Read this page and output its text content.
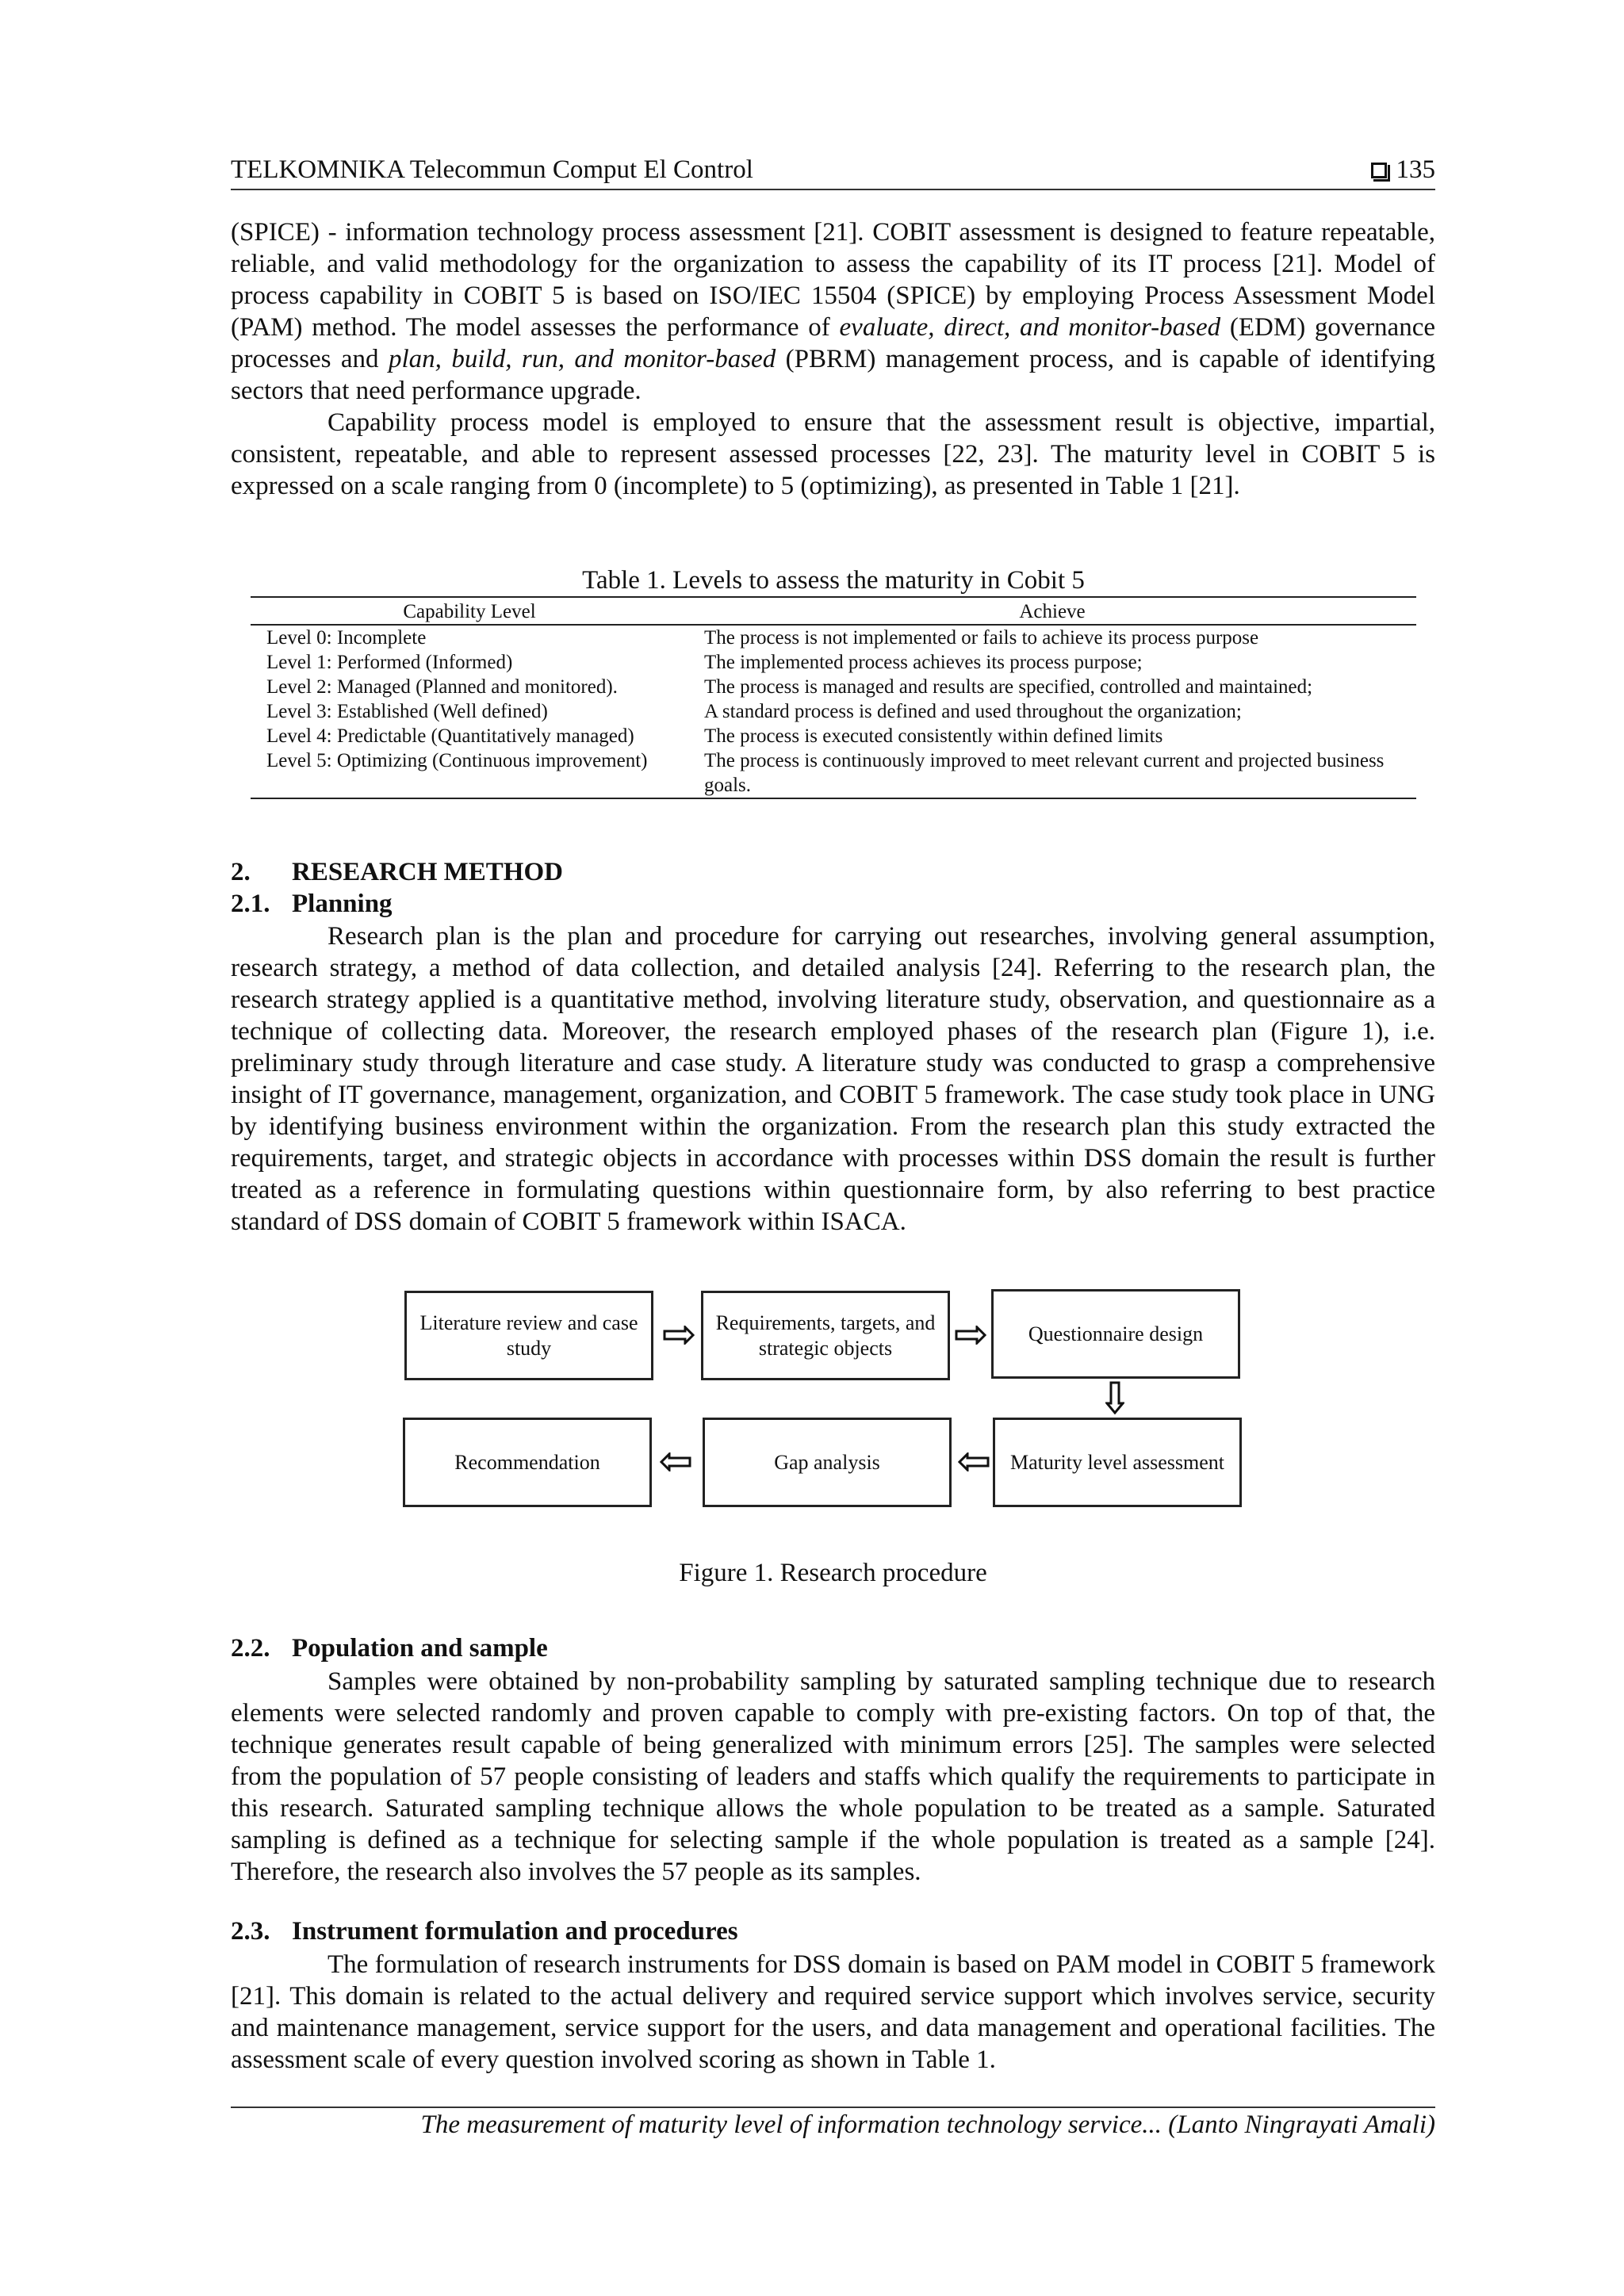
TELKOMNIKA Telecommun Comput El Control	135

(SPICE) - information technology process assessment [21]. COBIT assessment is designed to feature repeatable, reliable, and valid methodology for the organization to assess the capability of its IT process [21]. Model of process capability in COBIT 5 is based on ISO/IEC 15504 (SPICE) by employing Process Assessment Model (PAM) method. The model assesses the performance of evaluate, direct, and monitor-based (EDM) governance processes and plan, build, run, and monitor-based (PBRM) management process, and is capable of identifying sectors that need performance upgrade.

Capability process model is employed to ensure that the assessment result is objective, impartial, consistent, repeatable, and able to represent assessed processes [22, 23]. The maturity level in COBIT 5 is expressed on a scale ranging from 0 (incomplete) to 5 (optimizing), as presented in Table 1 [21].

Table 1. Levels to assess the maturity in Cobit 5
Capability Level	Achieve
Level 0: Incomplete	The process is not implemented or fails to achieve its process purpose
Level 1: Performed (Informed)	The implemented process achieves its process purpose;
Level 2: Managed (Planned and monitored).	The process is managed and results are specified, controlled and maintained;
Level 3: Established (Well defined)	A standard process is defined and used throughout the organization;
Level 4: Predictable (Quantitatively managed)	The process is executed consistently within defined limits
Level 5: Optimizing (Continuous improvement)	The process is continuously improved to meet relevant current and projected business goals.
2. RESEARCH METHOD
2.1. Planning

Research plan is the plan and procedure for carrying out researches, involving general assumption, research strategy, a method of data collection, and detailed analysis [24]. Referring to the research plan, the research strategy applied is a quantitative method, involving literature study, observation, and questionnaire as a technique of collecting data. Moreover, the research employed phases of the research plan (Figure 1), i.e. preliminary study through literature and case study. A literature study was conducted to grasp a comprehensive insight of IT governance, management, organization, and COBIT 5 framework. The case study took place in UNG by identifying business environment within the organization. From the research plan this study extracted the requirements, target, and strategic objects in accordance with processes within DSS domain the result is further treated as a reference in formulating questions within questionnaire form, by also referring to best practice standard of DSS domain of COBIT 5 framework within ISACA.

Literature review and case study
Requirements, targets, and strategic objects
Questionnaire design
Maturity level assessment
Gap analysis
Recommendation
Figure 1. Research procedure
2.2. Population and sample

Samples were obtained by non-probability sampling by saturated sampling technique due to research elements were selected randomly and proven capable to comply with pre-existing factors. On top of that, the technique generates result capable of being generalized with minimum errors [25]. The samples were selected from the population of 57 people consisting of leaders and staffs which qualify the requirements to participate in this research. Saturated sampling technique allows the whole population to be treated as a sample. Saturated sampling is defined as a technique for selecting sample if the whole population is treated as a sample [24]. Therefore, the research also involves the 57 people as its samples.

2.3. Instrument formulation and procedures

The formulation of research instruments for DSS domain is based on PAM model in COBIT 5 framework [21]. This domain is related to the actual delivery and required service support which involves service, security and maintenance management, service support for the users, and data management and operational facilities. The assessment scale of every question involved scoring as shown in Table 1.

The measurement of maturity level of information technology service... (Lanto Ningrayati Amali)
